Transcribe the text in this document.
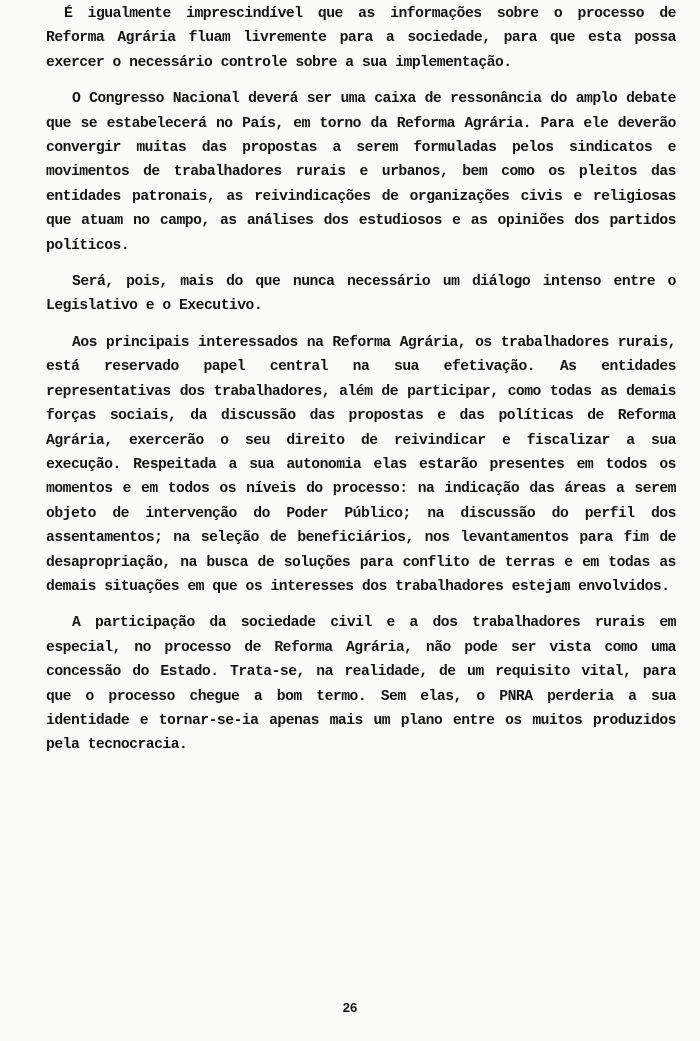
É igualmente imprescindível que as informações sobre o processo de Reforma Agrária fluam livremente para a sociedade, para que esta possa exercer o necessário controle sobre a sua implementação.

O Congresso Nacional deverá ser uma caixa de ressonância do amplo debate que se estabelecerá no País, em torno da Reforma Agrária. Para ele deverão convergir muitas das propostas a serem formuladas pelos sindicatos e movimentos de trabalhadores rurais e urbanos, bem como os pleitos das entidades patronais, as reivindicações de organizações civis e religiosas que atuam no campo, as análises dos estudiosos e as opiniões dos partidos políticos.

Será, pois, mais do que nunca necessário um diálogo intenso entre o Legislativo e o Executivo.

Aos principais interessados na Reforma Agrária, os trabalhadores rurais, está reservado papel central na sua efetivação. As entidades representativas dos trabalhadores, além de participar, como todas as demais forças sociais, da discussão das propostas e das políticas de Reforma Agrária, exercerão o seu direito de reivindicar e fiscalizar a sua execução. Respeitada a sua autonomia elas estarão presentes em todos os momentos e em todos os níveis do processo: na indicação das áreas a serem objeto de intervenção do Poder Público; na discussão do perfil dos assentamentos; na seleção de beneficiários, nos levantamentos para fim de desapropriação, na busca de soluções para conflito de terras e em todas as demais situações em que os interesses dos trabalhadores estejam envolvidos.

A participação da sociedade civil e a dos trabalhadores rurais em especial, no processo de Reforma Agrária, não pode ser vista como uma concessão do Estado. Trata-se, na realidade, de um requisito vital, para que o processo chegue a bom termo. Sem elas, o PNRA perderia a sua identidade e tornar-se-ia apenas mais um plano entre os muitos produzidos pela tecnocracia.

26
